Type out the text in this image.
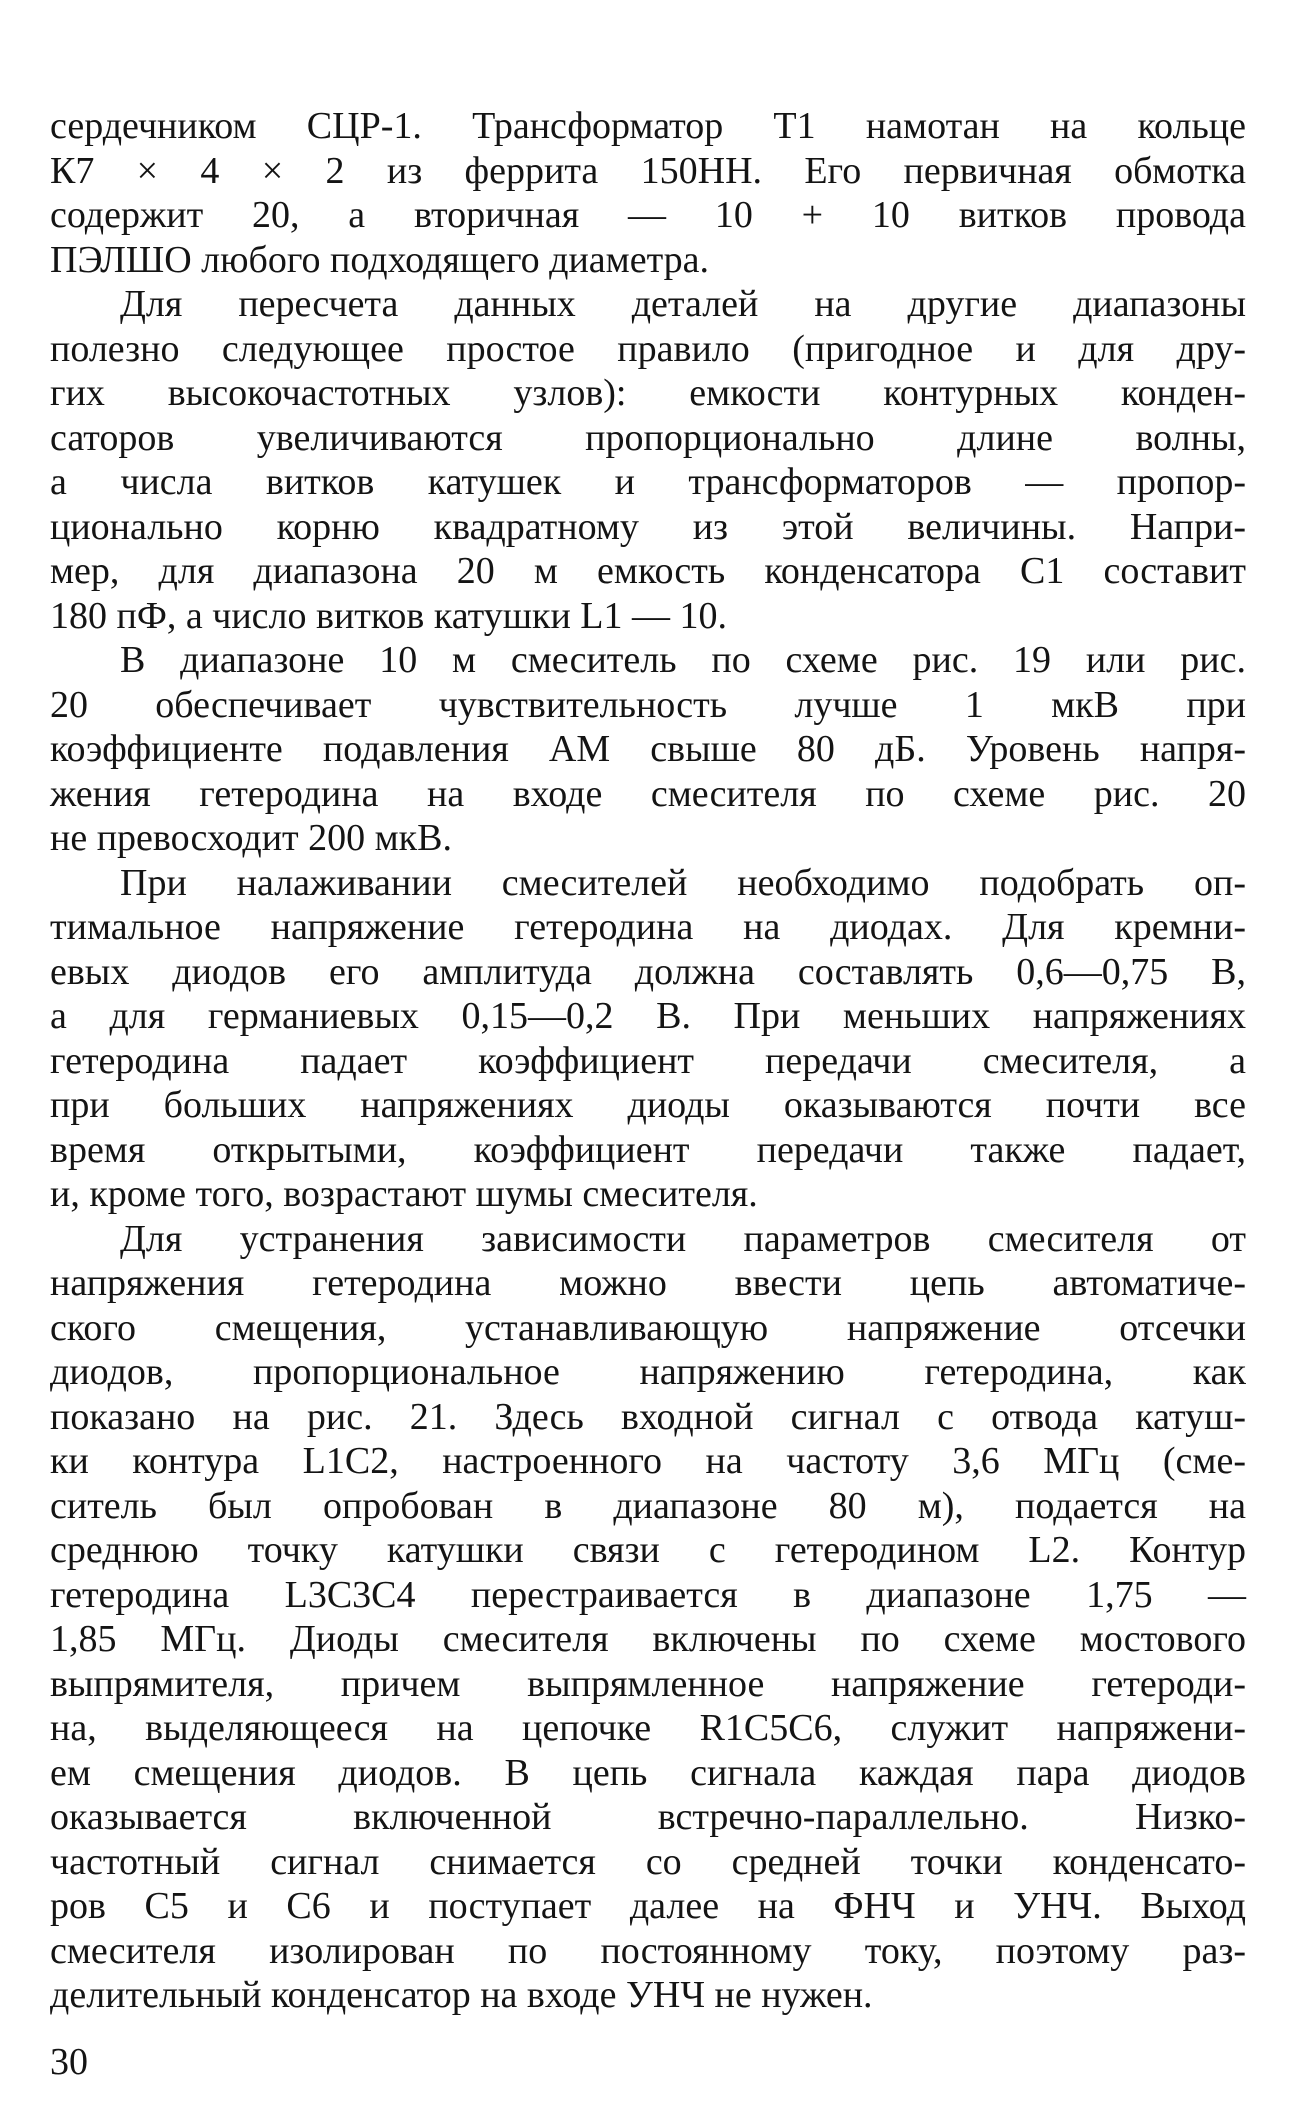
сердечником СЦР-1. Трансформатор T1 намотан на кольце
К7 × 4 × 2 из феррита 150НН. Его первичная обмотка
содержит 20, а вторичная — 10 + 10 витков провода
ПЭЛШО любого подходящего диаметра.
Для пересчета данных деталей на другие диапазоны
полезно следующее простое правило (пригодное и для дру-
гих высокочастотных узлов): емкости контурных конден-
саторов увеличиваются пропорционально длине волны,
а числа витков катушек и трансформаторов — пропор-
ционально корню квадратному из этой величины. Напри-
мер, для диапазона 20 м емкость конденсатора C1 составит
180 пФ, а число витков катушки L1 — 10.
В диапазоне 10 м смеситель по схеме рис. 19 или рис.
20 обеспечивает чувствительность лучше 1 мкВ при
коэффициенте подавления АМ свыше 80 дБ. Уровень напря-
жения гетеродина на входе смесителя по схеме рис. 20
не превосходит 200 мкВ.
При налаживании смесителей необходимо подобрать оп-
тимальное напряжение гетеродина на диодах. Для кремни-
евых диодов его амплитуда должна составлять 0,6—0,75 В,
а для германиевых 0,15—0,2 В. При меньших напряжениях
гетеродина падает коэффициент передачи смесителя, а
при больших напряжениях диоды оказываются почти все
время открытыми, коэффициент передачи также падает,
и, кроме того, возрастают шумы смесителя.
Для устранения зависимости параметров смесителя от
напряжения гетеродина можно ввести цепь автоматиче-
ского смещения, устанавливающую напряжение отсечки
диодов, пропорциональное напряжению гетеродина, как
показано на рис. 21. Здесь входной сигнал с отвода катуш-
ки контура L1C2, настроенного на частоту 3,6 МГц (сме-
ситель был опробован в диапазоне 80 м), подается на
среднюю точку катушки связи с гетеродином L2. Контур
гетеродина L3C3C4 перестраивается в диапазоне 1,75 —
1,85 МГц. Диоды смесителя включены по схеме мостового
выпрямителя, причем выпрямленное напряжение гетероди-
на, выделяющееся на цепочке R1C5C6, служит напряжени-
ем смещения диодов. В цепь сигнала каждая пара диодов
оказывается включенной встречно-параллельно. Низко-
частотный сигнал снимается со средней точки конденсато-
ров C5 и C6 и поступает далее на ФНЧ и УНЧ. Выход
смесителя изолирован по постоянному току, поэтому раз-
делительный конденсатор на входе УНЧ не нужен.
30
